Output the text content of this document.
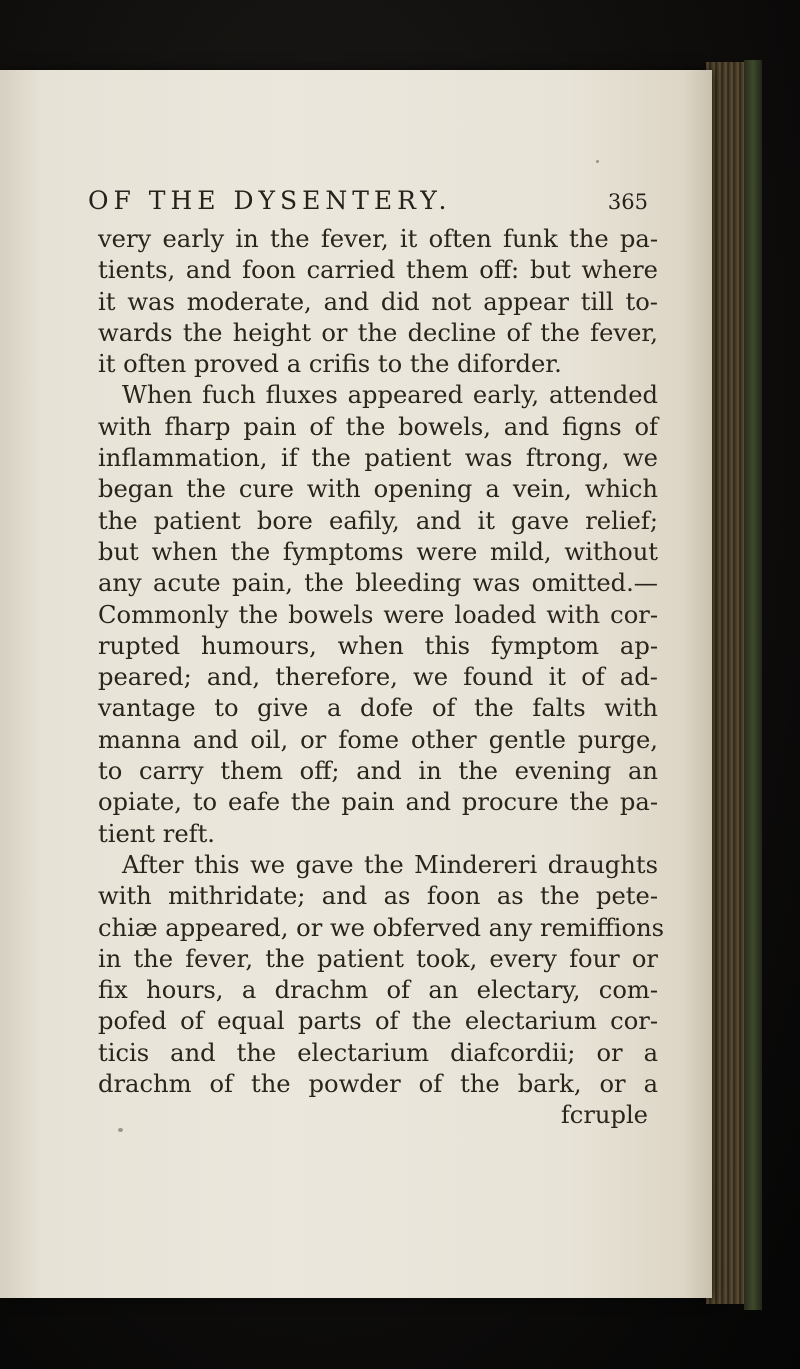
OF THE DYSENTERY.	365
very early in the fever, it often funk the pa-
tients, and foon carried them off: but where
it was moderate, and did not appear till to-
wards the height or the decline of the fever,
it often proved a crifis to the diforder.
When fuch fluxes appeared early, attended
with fharp pain of the bowels, and figns of
inflammation, if the patient was ftrong, we
began the cure with opening a vein, which
the patient bore eafily, and it gave relief;
but when the fymptoms were mild, without
any acute pain, the bleeding was omitted.—
Commonly the bowels were loaded with cor-
rupted humours, when this fymptom ap-
peared; and, therefore, we found it of ad-
vantage to give a dofe of the falts with
manna and oil, or fome other gentle purge,
to carry them off; and in the evening an
opiate, to eafe the pain and procure the pa-
tient reft.
After this we gave the Mindereri draughts
with mithridate; and as foon as the pete-
chiæ appeared, or we obferved any remiffions
in the fever, the patient took, every four or
fix hours, a drachm of an electary, com-
pofed of equal parts of the electarium cor-
ticis and the electarium diafcordii; or a
drachm of the powder of the bark, or a
fcruple
